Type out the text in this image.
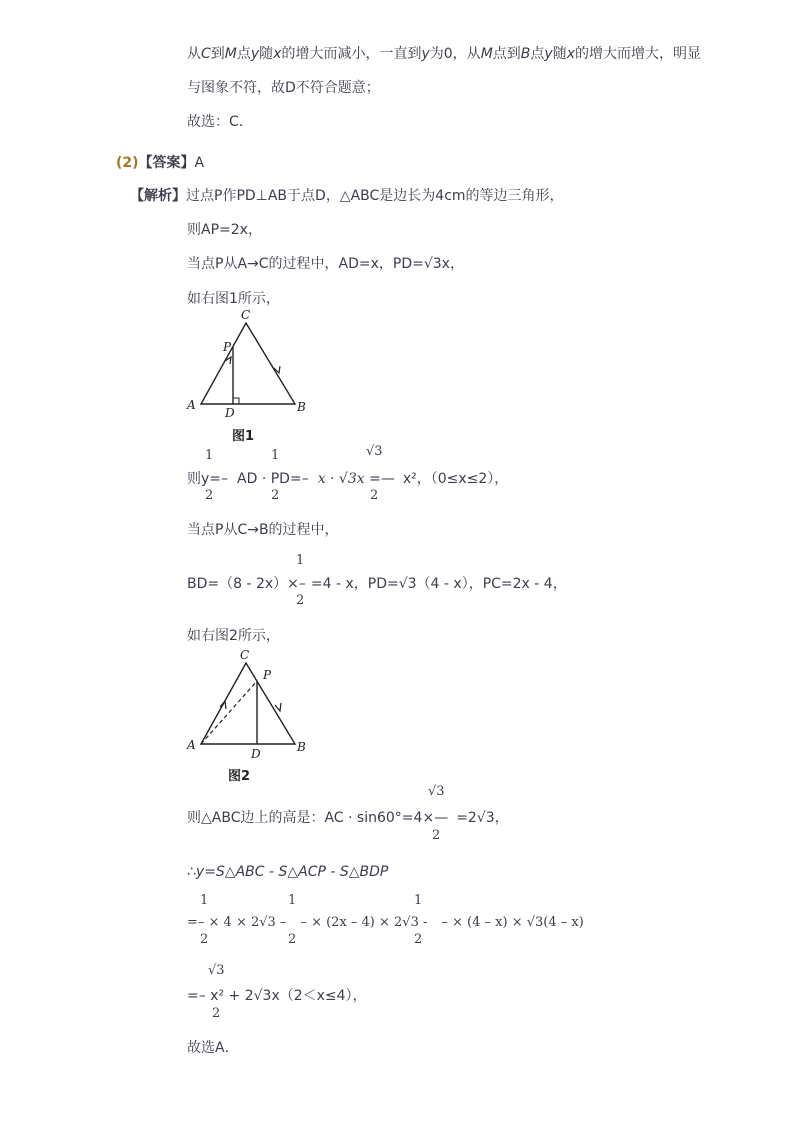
从C到M点y随x的增大而减小，一直到y为0，从M点到B点y随x的增大而增大，明显
与图象不符，故D不符合题意；
故选：C．
(2)【答案】A
【解析】过点P作PD⊥AB于点D，△ABC是边长为4cm的等边三角形，
则AP=2x，
当点P从A→C的过程中，AD=x，PD=√3x，
如右图1所示，
C
P
A
D	B
图1
1
2
1
2
√3
2
则y=– AD · PD=– x · √3x =— x²，（0≤x≤2），
当点P从C→B的过程中，
1
2
BD=（8 - 2x）×– =4 - x，PD=√3（4 - x），PC=2x - 4，
如右图2所示，
C
P
A
D	B
图2
√3
2
则△ABC边上的高是：AC · sin60°=4×— =2√3，
∴y=S△ABC - S△ACP - S△BDP
1
2
1
2
1
2
=– × 4 × 2√3 – – × (2x – 4) × 2√3 - – × (4 – x) × √3(4 – x)
√3
2
=– x² + 2√3x（2＜x≤4），
故选A．
